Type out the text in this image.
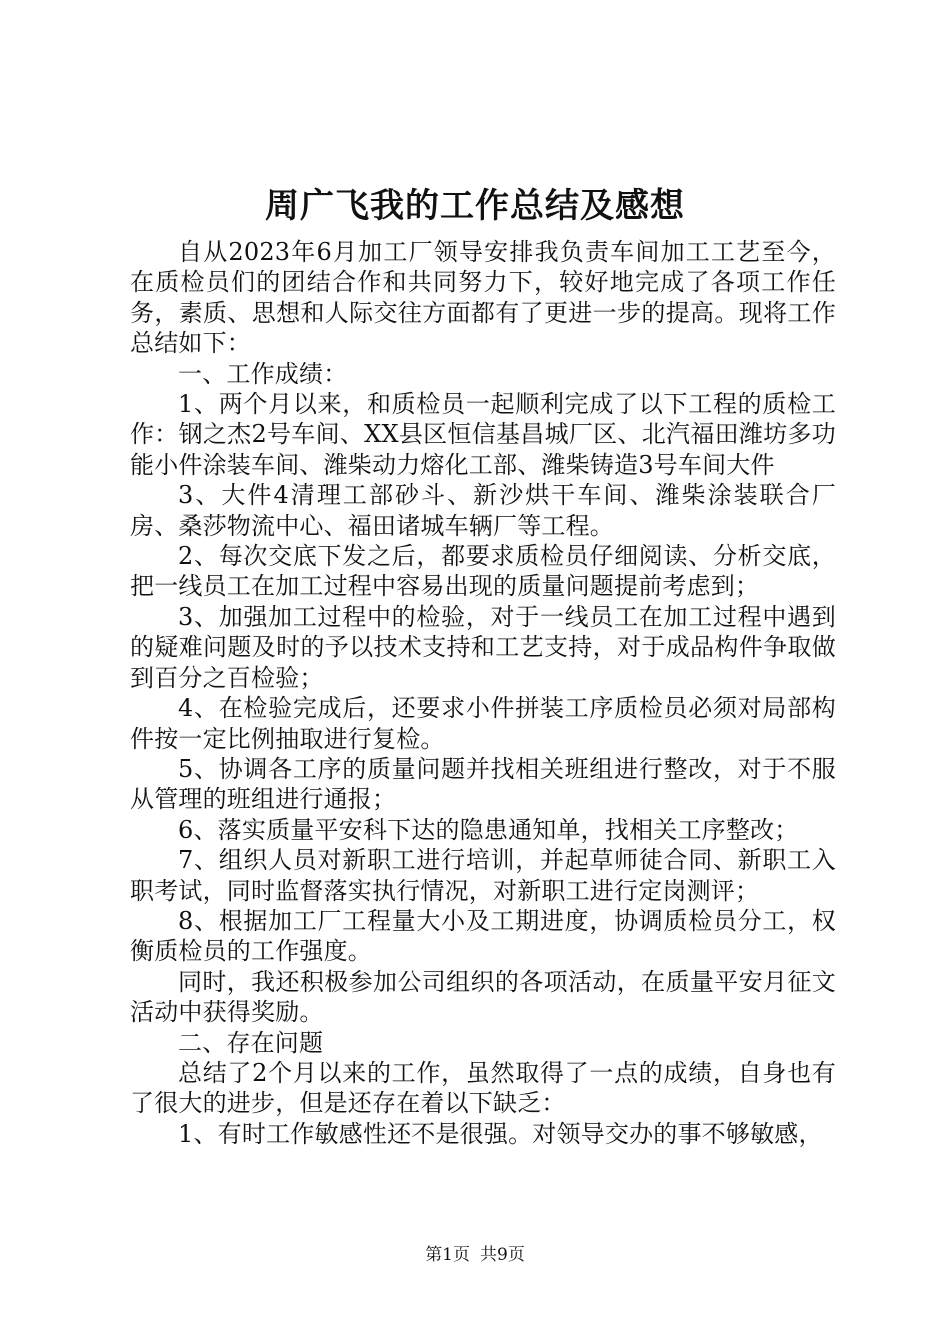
周广飞我的工作总结及感想

自从2023年6月加工厂领导安排我负责车间加工工艺至今，在质检员们的团结合作和共同努力下，较好地完成了各项工作任务，素质、思想和人际交往方面都有了更进一步的提高。现将工作总结如下：

一、工作成绩：

1、两个月以来，和质检员一起顺利完成了以下工程的质检工作：钢之杰2号车间、XX县区恒信基昌城厂区、北汽福田潍坊多功能小件涂装车间、潍柴动力熔化工部、潍柴铸造3号车间大件

3、大件4清理工部砂斗、新沙烘干车间、潍柴涂装联合厂房、桑莎物流中心、福田诸城车辆厂等工程。

2、每次交底下发之后，都要求质检员仔细阅读、分析交底，把一线员工在加工过程中容易出现的质量问题提前考虑到；

3、加强加工过程中的检验，对于一线员工在加工过程中遇到的疑难问题及时的予以技术支持和工艺支持，对于成品构件争取做到百分之百检验；

4、在检验完成后，还要求小件拼装工序质检员必须对局部构件按一定比例抽取进行复检。

5、协调各工序的质量问题并找相关班组进行整改，对于不服从管理的班组进行通报；

6、落实质量平安科下达的隐患通知单，找相关工序整改；

7、组织人员对新职工进行培训，并起草师徒合同、新职工入职考试，同时监督落实执行情况，对新职工进行定岗测评；

8、根据加工厂工程量大小及工期进度，协调质检员分工，权衡质检员的工作强度。

同时，我还积极参加公司组织的各项活动，在质量平安月征文活动中获得奖励。

二、存在问题

总结了2个月以来的工作，虽然取得了一点的成绩，自身也有了很大的进步，但是还存在着以下缺乏：

1、有时工作敏感性还不是很强。对领导交办的事不够敏感，

第1页 共9页
